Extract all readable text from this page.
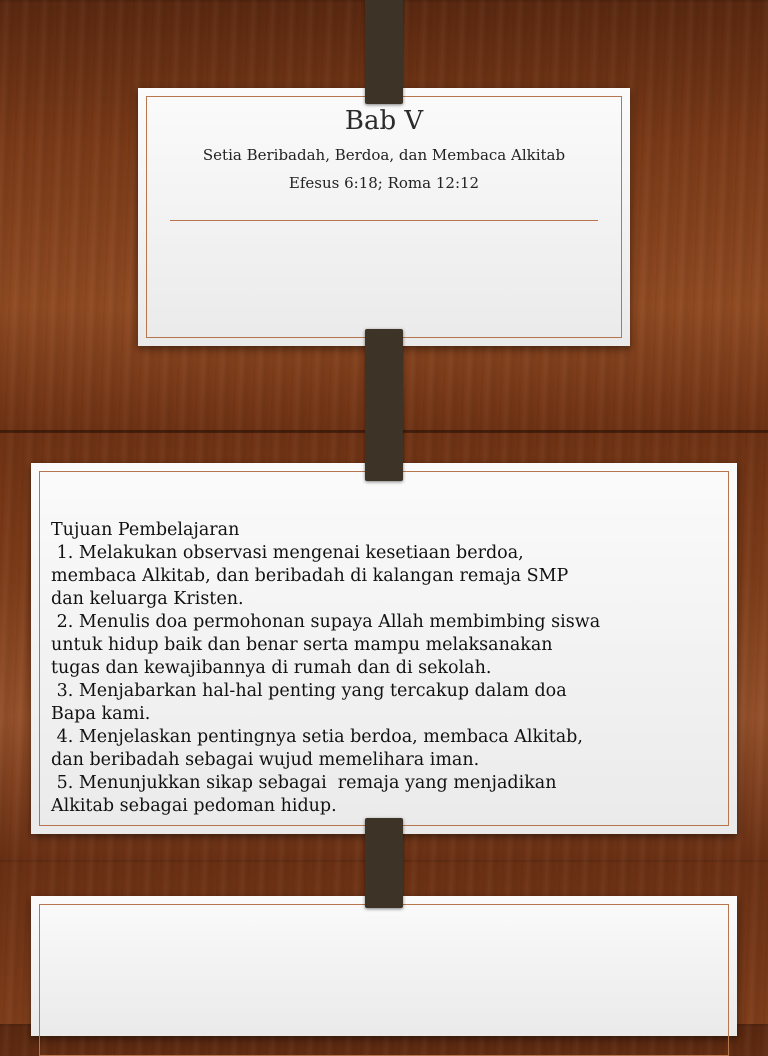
Bab V

Setia Beribadah, Berdoa, dan Membaca Alkitab

Efesus 6:18; Roma 12:12

Tujuan Pembelajaran
1. Melakukan observasi mengenai kesetiaan berdoa,
membaca Alkitab, dan beribadah di kalangan remaja SMP
dan keluarga Kristen.
2. Menulis doa permohonan supaya Allah membimbing siswa
untuk hidup baik dan benar serta mampu melaksanakan
tugas dan kewajibannya di rumah dan di sekolah.
3. Menjabarkan hal-hal penting yang tercakup dalam doa
Bapa kami.
4. Menjelaskan pentingnya setia berdoa, membaca Alkitab,
dan beribadah sebagai wujud memelihara iman.
5. Menunjukkan sikap sebagai  remaja yang menjadikan
Alkitab sebagai pedoman hidup.
